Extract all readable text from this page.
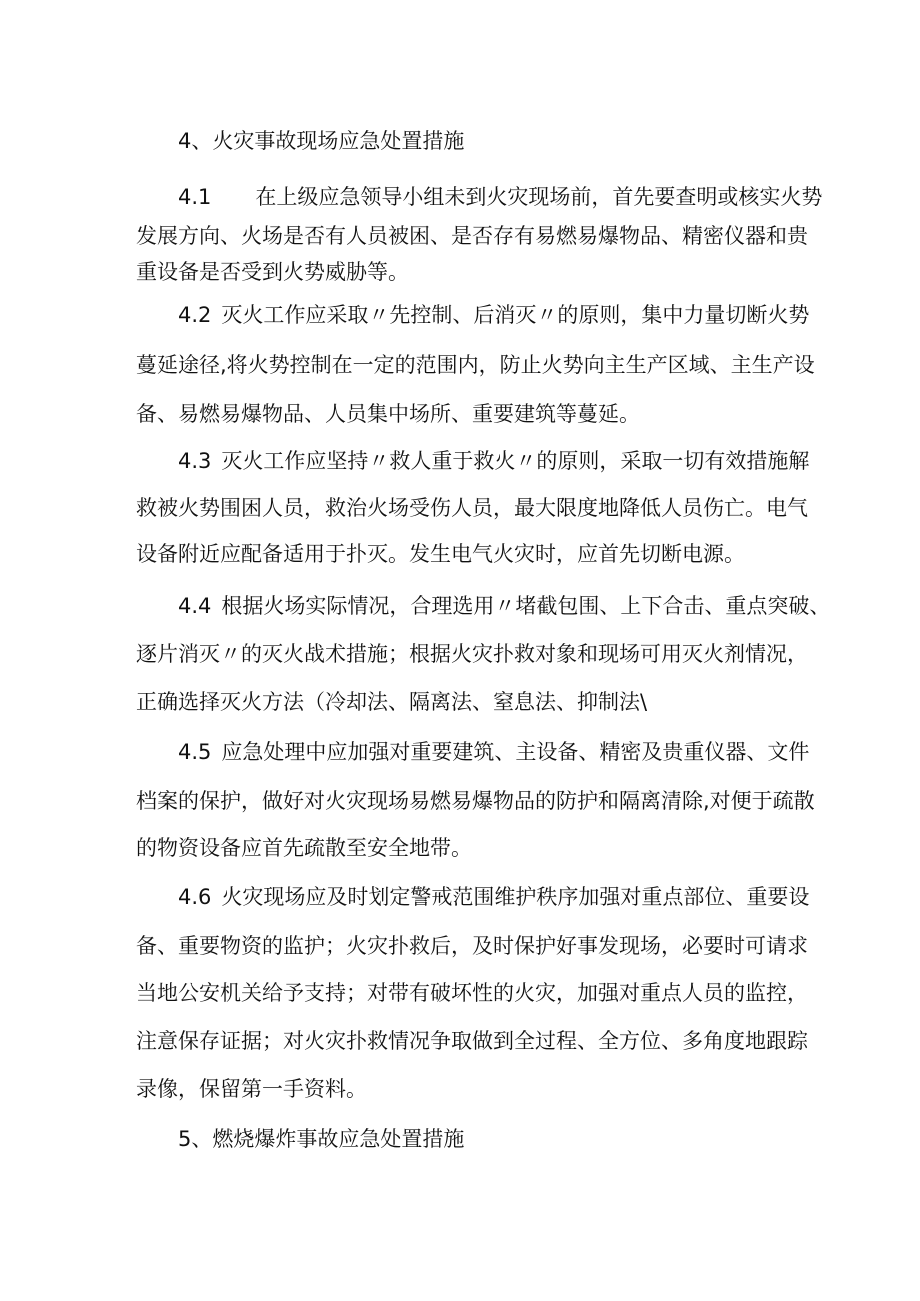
4、火灾事故现场应急处置措施
4.1 在上级应急领导小组未到火灾现场前，首先要查明或核实火势
发展方向、火场是否有人员被困、是否存有易燃易爆物品、精密仪器和贵
重设备是否受到火势威胁等。
4.2 灭火工作应采取〃先控制、后消灭〃的原则，集中力量切断火势
蔓延途径,将火势控制在一定的范围内，防止火势向主生产区域、主生产设
备、易燃易爆物品、人员集中场所、重要建筑等蔓延。
4.3 灭火工作应坚持〃救人重于救火〃的原则，采取一切有效措施解
救被火势围困人员，救治火场受伤人员，最大限度地降低人员伤亡。电气
设备附近应配备适用于扑灭。发生电气火灾时，应首先切断电源。
4.4 根据火场实际情况，合理选用〃堵截包围、上下合击、重点突破、
逐片消灭〃的灭火战术措施；根据火灾扑救对象和现场可用灭火剂情况，
正确选择灭火方法（冷却法、隔离法、窒息法、抑制法\
4.5 应急处理中应加强对重要建筑、主设备、精密及贵重仪器、文件
档案的保护，做好对火灾现场易燃易爆物品的防护和隔离清除,对便于疏散
的物资设备应首先疏散至安全地带。
4.6 火灾现场应及时划定警戒范围维护秩序加强对重点部位、重要设
备、重要物资的监护；火灾扑救后，及时保护好事发现场，必要时可请求
当地公安机关给予支持；对带有破坏性的火灾，加强对重点人员的监控，
注意保存证据；对火灾扑救情况争取做到全过程、全方位、多角度地跟踪
录像，保留第一手资料。
5、燃烧爆炸事故应急处置措施
